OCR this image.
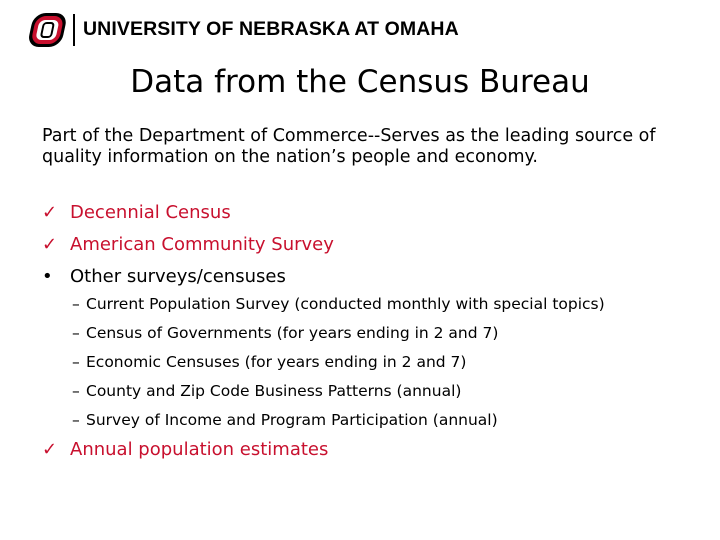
UNIVERSITY OF NEBRASKA AT OMAHA
Data from the Census Bureau
Part of the Department of Commerce--Serves as the leading source of quality information on the nation’s people and economy.
✓ Decennial Census
✓ American Community Survey
• Other surveys/censuses
– Current Population Survey (conducted monthly with special topics)
– Census of Governments (for years ending in 2 and 7)
– Economic Censuses (for years ending in 2 and 7)
– County and Zip Code Business Patterns (annual)
– Survey of Income and Program Participation (annual)
✓ Annual population estimates
